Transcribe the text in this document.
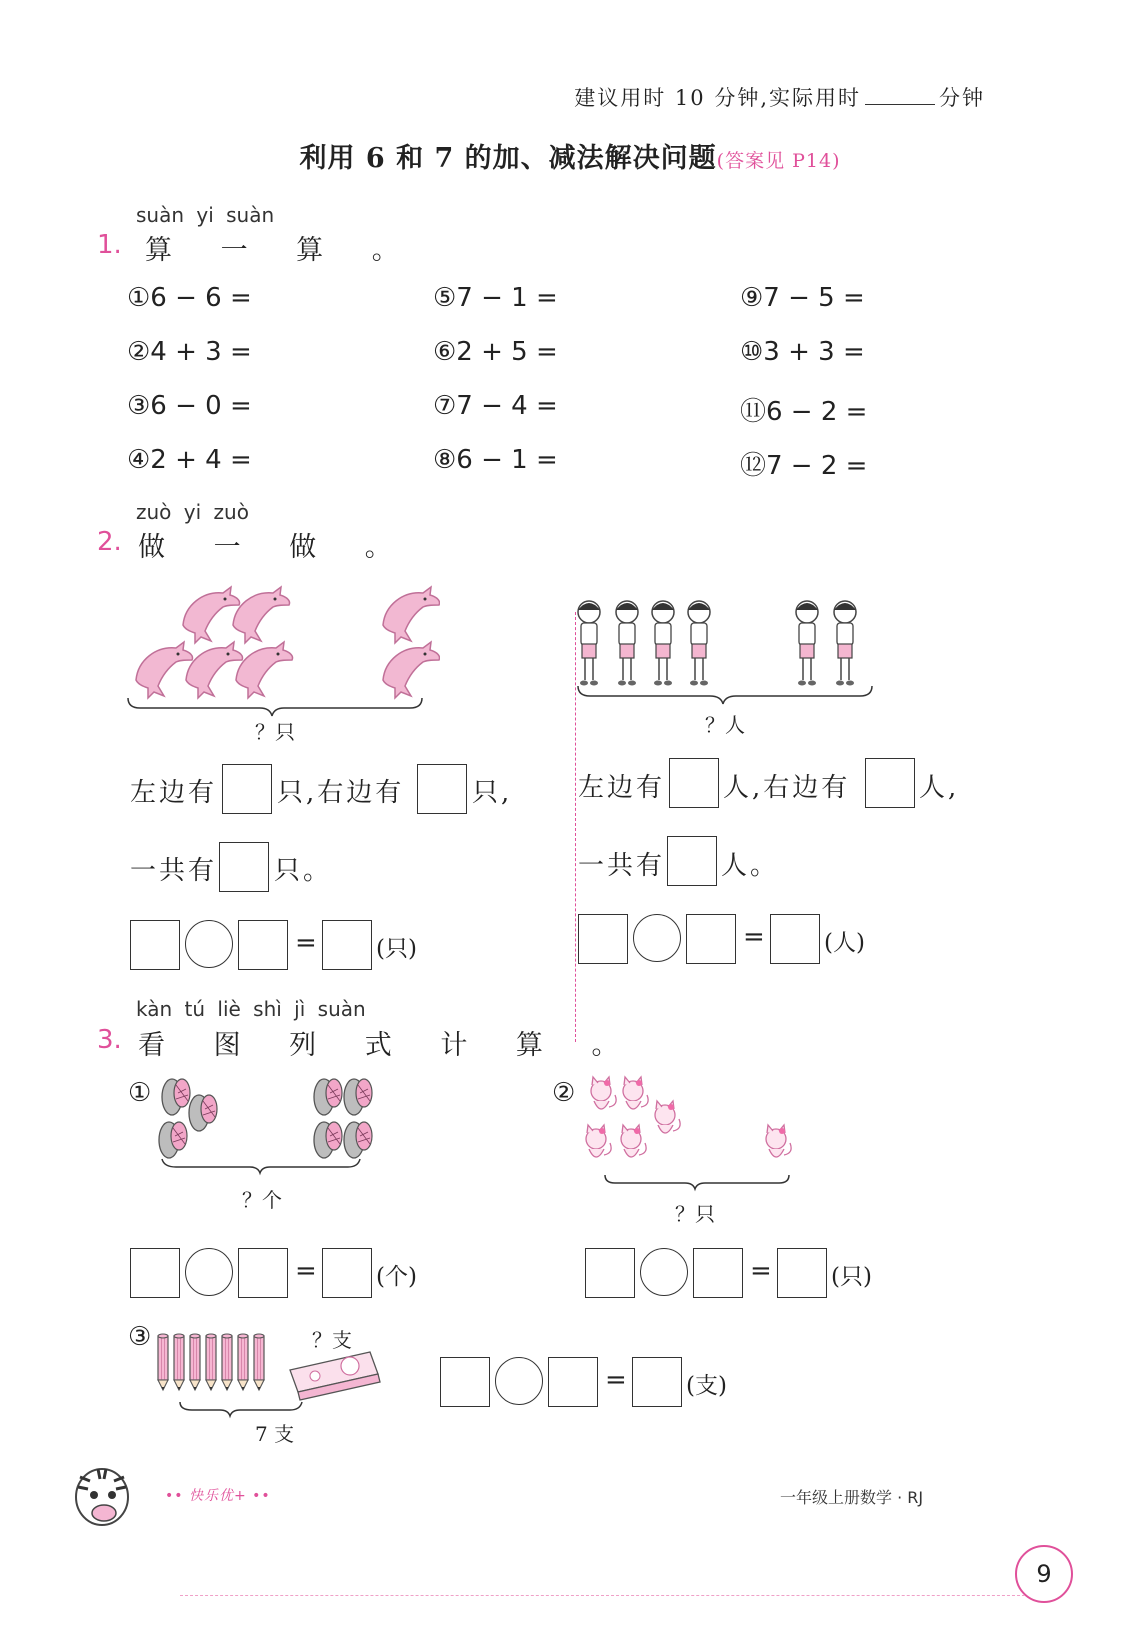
建议用时 10 分钟,实际用时	分钟
利用 6 和 7 的加、减法解决问题(答案见 P14)
suàn yi suàn
1. 算 一 算 。
①6 − 6 =	⑤7 − 1 =	⑨7 − 5 =
②4 + 3 =	⑥2 + 5 =	⑩3 + 3 =
③6 − 0 =	⑦7 − 4 =	⑪6 − 2 =
④2 + 4 =	⑧6 − 1 =	⑫7 − 2 =
zuò yi zuò
2. 做 一 做 。
？只	？人
左边有 只,右边有	只,
一共有 只。
=	(只)
左边有 人,右边有	人,
一共有 人。
=	(人)
kàn tú liè shì jì suàn
3. 看 图 列 式 计 算 。
①
？个
=	(个)
②
？只
=	(只)
③	？支
7 支
=	(支)
•• 快乐优+ ••	一年级上册数学 · RJ
9
